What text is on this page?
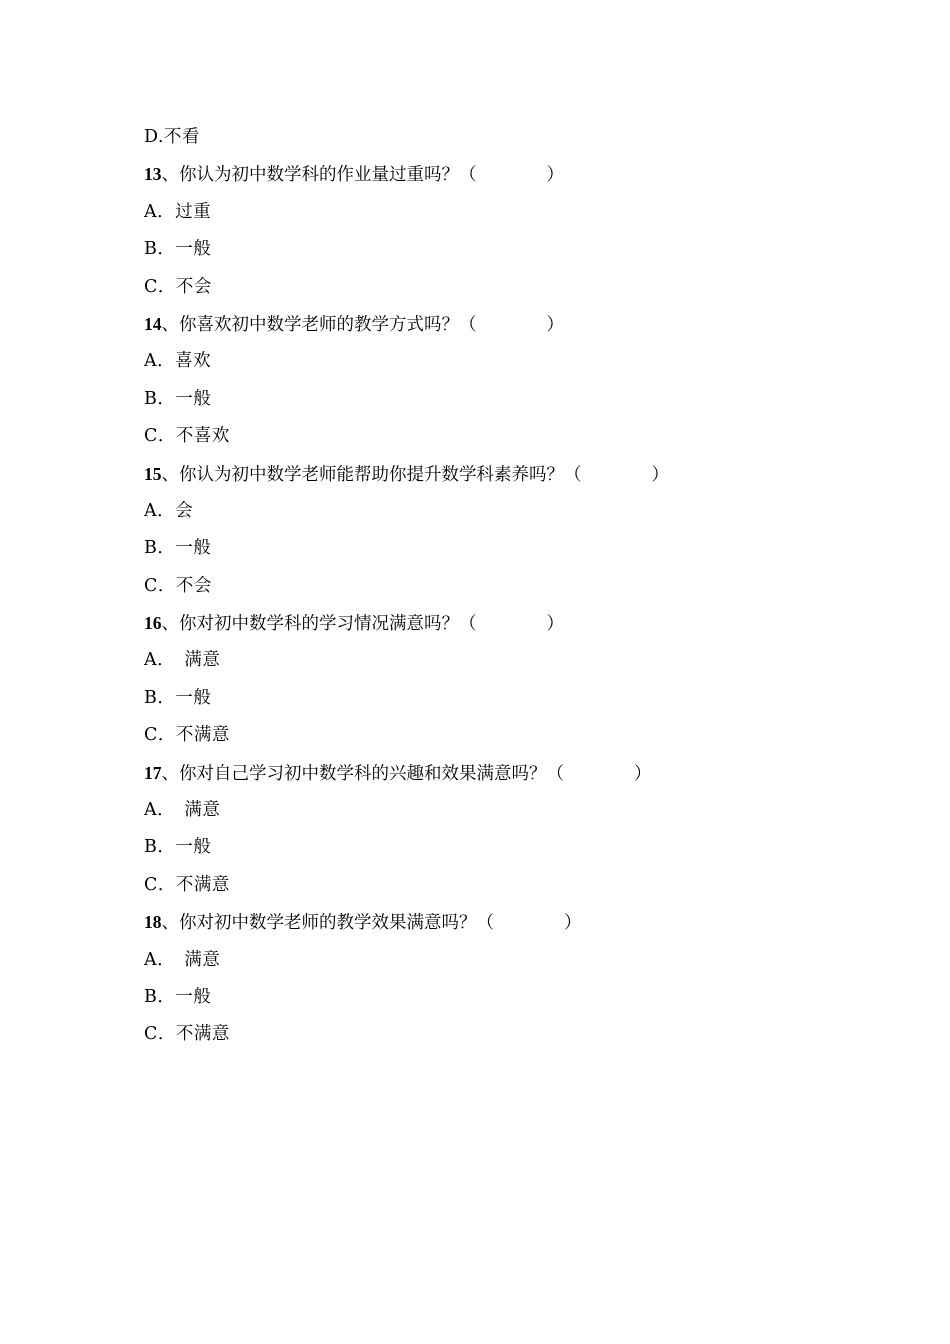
D.不看
13、你认为初中数学科的作业量过重吗？（　　　　）
A．过重
B．一般
C．不会
14、你喜欢初中数学老师的教学方式吗？（　　　　）
A．喜欢
B．一般
C．不喜欢
15、你认为初中数学老师能帮助你提升数学科素养吗？（　　　　）
A．会
B．一般
C．不会
16、你对初中数学科的学习情况满意吗？（　　　　）
A．　满意
B．一般
C．不满意
17、你对自己学习初中数学科的兴趣和效果满意吗？（　　　　）
A．　满意
B．一般
C．不满意
18、你对初中数学老师的教学效果满意吗？（　　　　）
A．　满意
B．一般
C．不满意
